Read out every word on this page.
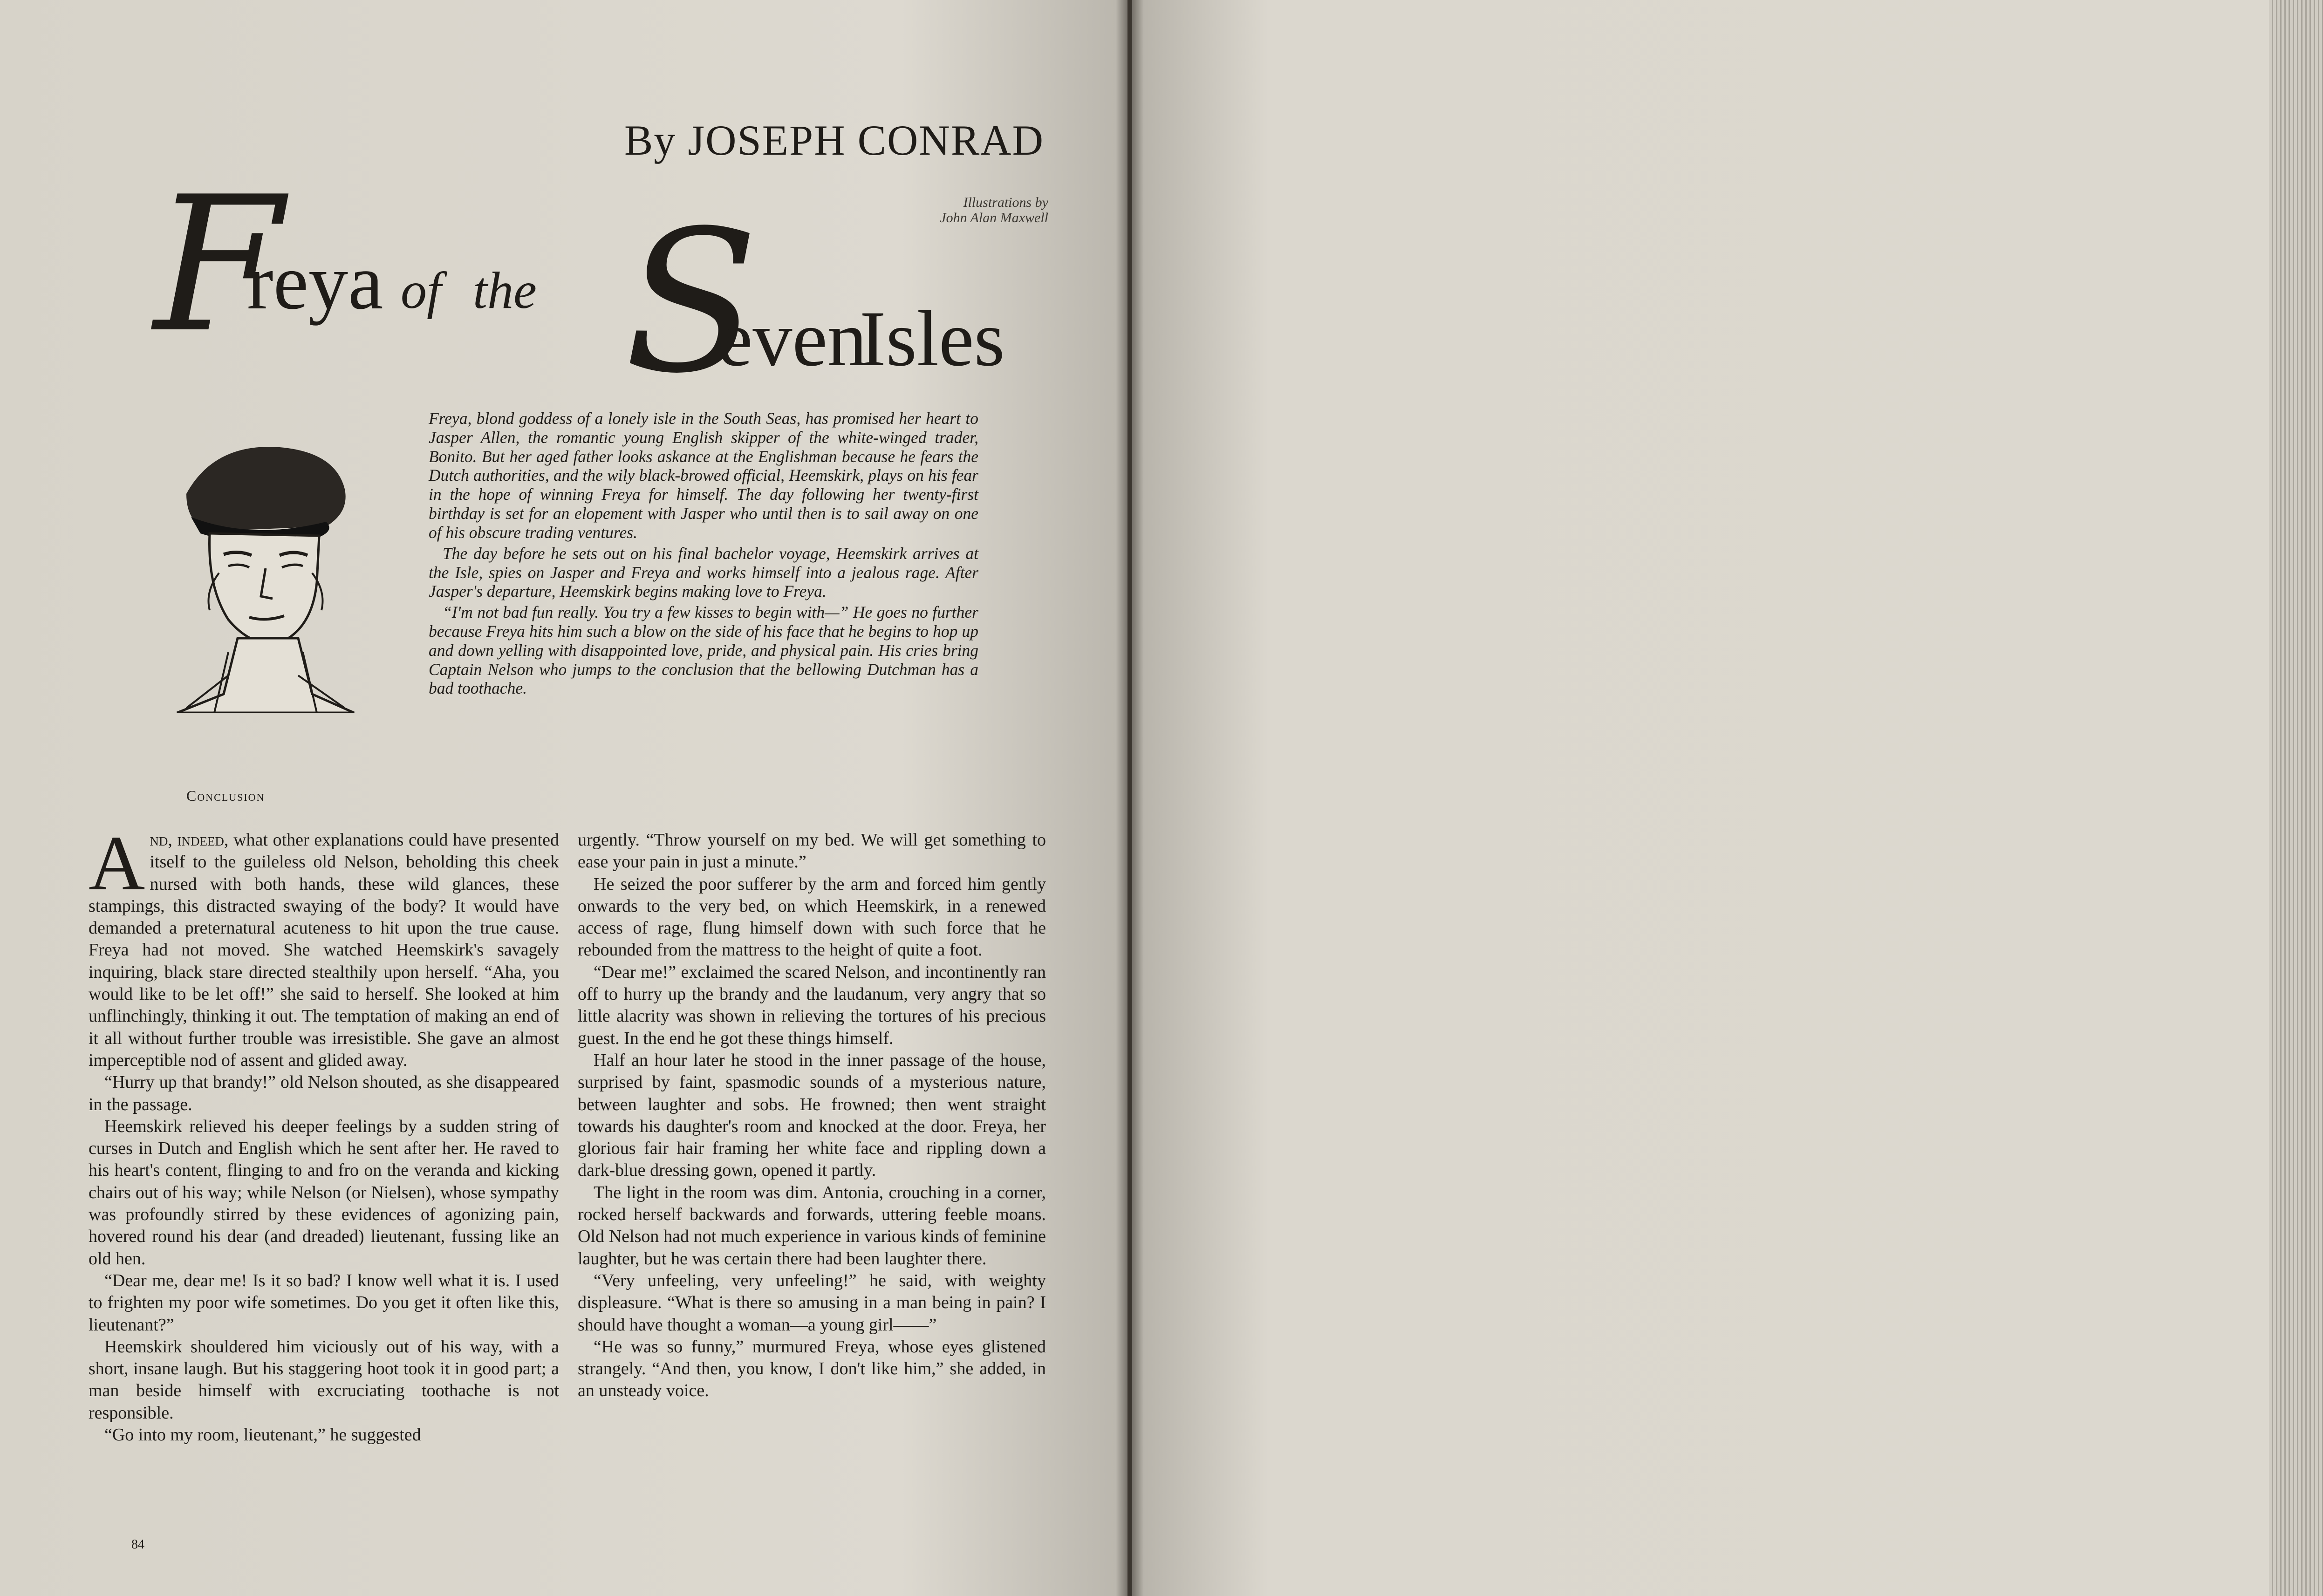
By JOSEPH CONRAD
Illustrations by
John Alan Maxwell
F
reya of the S
even
Isles

Freya, blond goddess of a lonely isle in the South Seas, has promised her heart to Jasper Allen, the romantic young English skipper of the white-winged trader, Bonito. But her aged father looks askance at the Englishman because he fears the Dutch authorities, and the wily black-browed official, Heemskirk, plays on his fear in the hope of winning Freya for himself. The day following her twenty-first birthday is set for an elopement with Jasper who until then is to sail away on one of his obscure trading ventures.

The day before he sets out on his final bachelor voyage, Heemskirk arrives at the Isle, spies on Jasper and Freya and works himself into a jealous rage. After Jasper's departure, Heemskirk begins making love to Freya.

“I'm not bad fun really. You try a few kisses to begin with—” He goes no further because Freya hits him such a blow on the side of his face that he begins to hop up and down yelling with disappointed love, pride, and physical pain. His cries bring Captain Nelson who jumps to the conclusion that the bellowing Dutchman has a bad toothache.

Conclusion

And, indeed, what other explanations could have presented itself to the guileless old Nelson, beholding this cheek nursed with both hands, these wild glances, these stampings, this distracted swaying of the body? It would have demanded a preternatural acuteness to hit upon the true cause. Freya had not moved. She watched Heemskirk's savagely inquiring, black stare directed stealthily upon herself. “Aha, you would like to be let off!” she said to herself. She looked at him unflinchingly, thinking it out. The temptation of making an end of it all without further trouble was irresistible. She gave an almost imperceptible nod of assent and glided away.

“Hurry up that brandy!” old Nelson shouted, as she disappeared in the passage.

Heemskirk relieved his deeper feelings by a sudden string of curses in Dutch and English which he sent after her. He raved to his heart's content, flinging to and fro on the veranda and kicking chairs out of his way; while Nelson (or Nielsen), whose sympathy was profoundly stirred by these evidences of agonizing pain, hovered round his dear (and dreaded) lieutenant, fussing like an old hen.

“Dear me, dear me! Is it so bad? I know well what it is. I used to frighten my poor wife sometimes. Do you get it often like this, lieutenant?”

Heemskirk shouldered him viciously out of his way, with a short, insane laugh. But his staggering hoot took it in good part; a man beside himself with excruciating toothache is not responsible.

“Go into my room, lieutenant,” he suggested

urgently. “Throw yourself on my bed. We will get something to ease your pain in just a minute.”

He seized the poor sufferer by the arm and forced him gently onwards to the very bed, on which Heemskirk, in a renewed access of rage, flung himself down with such force that he rebounded from the mattress to the height of quite a foot.

“Dear me!” exclaimed the scared Nelson, and incontinently ran off to hurry up the brandy and the laudanum, very angry that so little alacrity was shown in relieving the tortures of his precious guest. In the end he got these things himself.

Half an hour later he stood in the inner passage of the house, surprised by faint, spasmodic sounds of a mysterious nature, between laughter and sobs. He frowned; then went straight towards his daughter's room and knocked at the door. Freya, her glorious fair hair framing her white face and rippling down a dark-blue dressing gown, opened it partly.

The light in the room was dim. Antonia, crouching in a corner, rocked herself backwards and forwards, uttering feeble moans. Old Nelson had not much experience in various kinds of feminine laughter, but he was certain there had been laughter there.

“Very unfeeling, very unfeeling!” he said, with weighty displeasure. “What is there so amusing in a man being in pain? I should have thought a woman—a young girl——”

“He was so funny,” murmured Freya, whose eyes glistened strangely. “And then, you know, I don't like him,” she added, in an unsteady voice.

84
